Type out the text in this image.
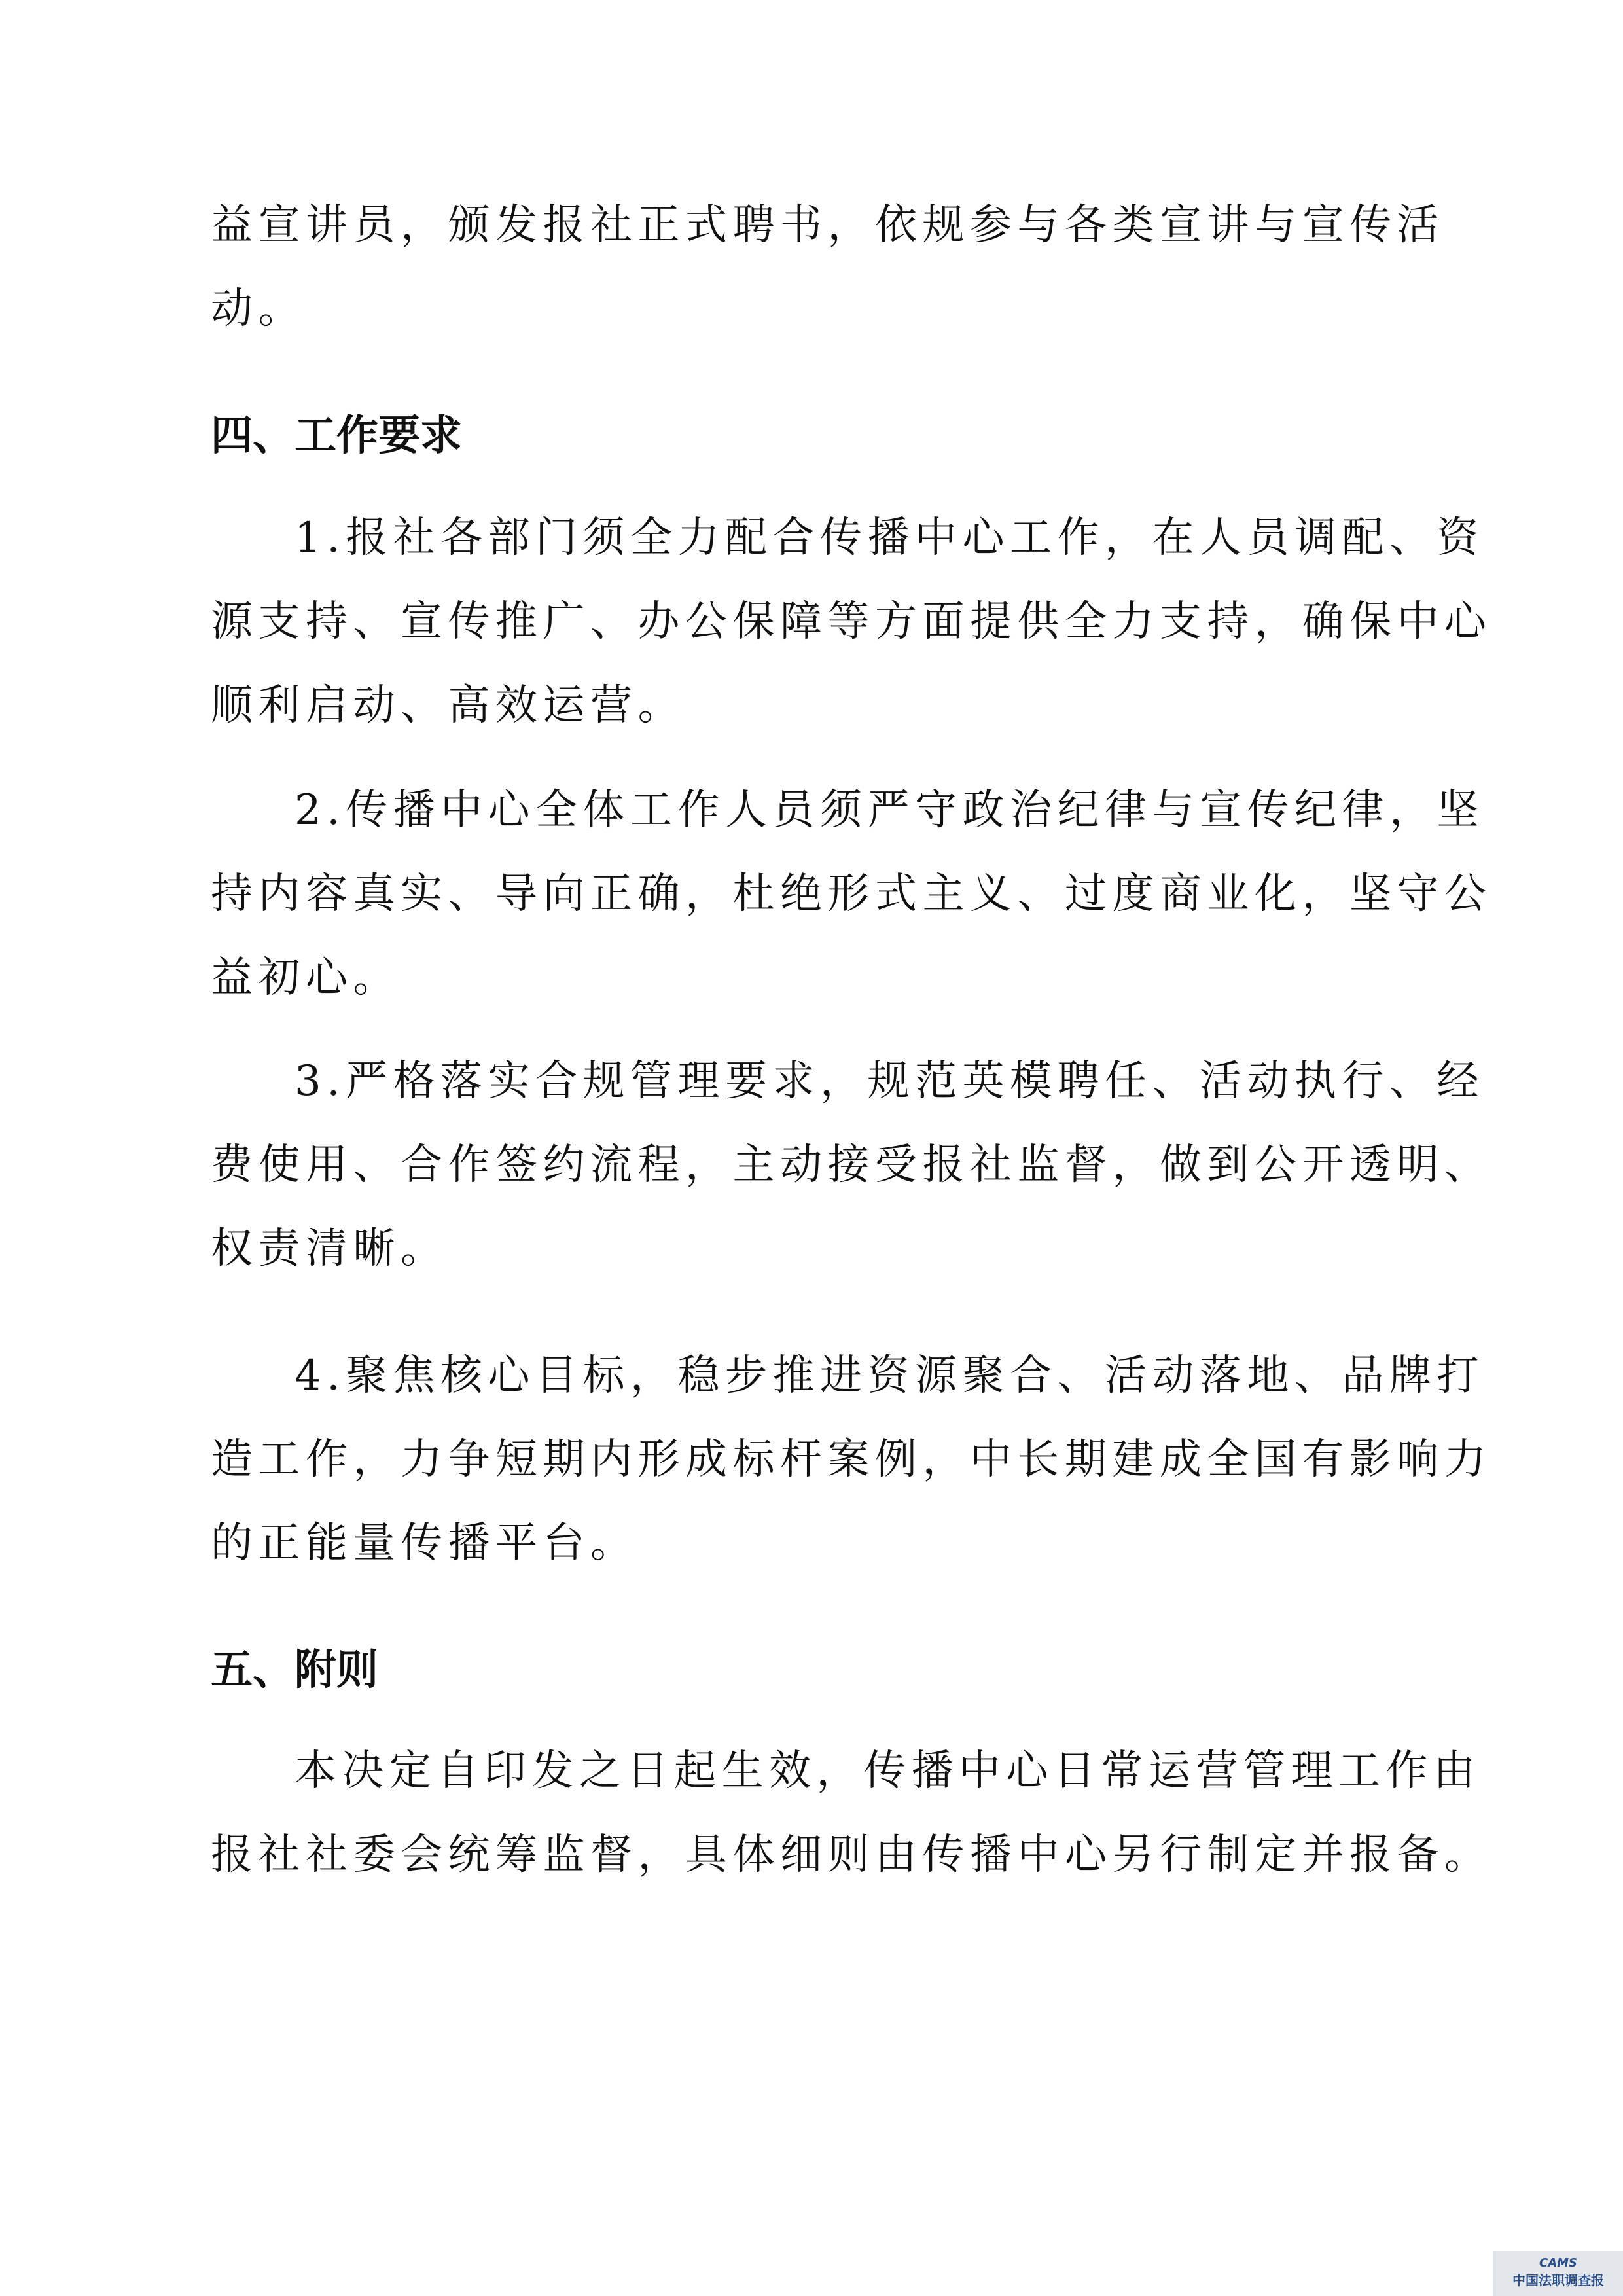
益宣讲员，颁发报社正式聘书，依规参与各类宣讲与宣传活

动。

四、工作要求

1.报社各部门须全力配合传播中心工作，在人员调配、资

源支持、宣传推广、办公保障等方面提供全力支持，确保中心

顺利启动、高效运营。

2.传播中心全体工作人员须严守政治纪律与宣传纪律，坚

持内容真实、导向正确，杜绝形式主义、过度商业化，坚守公

益初心。

3.严格落实合规管理要求，规范英模聘任、活动执行、经

费使用、合作签约流程，主动接受报社监督，做到公开透明、

权责清晰。

4.聚焦核心目标，稳步推进资源聚合、活动落地、品牌打

造工作，力争短期内形成标杆案例，中长期建成全国有影响力

的正能量传播平台。

五、附则

本决定自印发之日起生效，传播中心日常运营管理工作由

报社社委会统筹监督，具体细则由传播中心另行制定并报备。

CAMS
中国法职调查报
